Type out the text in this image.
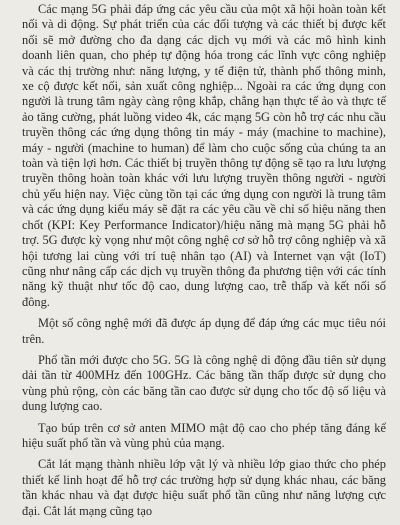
Các mạng 5G phải đáp ứng các yêu cầu của một xã hội hoàn toàn kết nối và di động. Sự phát triển của các đối tượng và các thiết bị được kết nối sẽ mở đường cho đa dạng các dịch vụ mới và các mô hình kinh doanh liên quan, cho phép tự động hóa trong các lĩnh vực công nghiệp và các thị trường như: năng lượng, y tế điện tử, thành phố thông minh, xe cộ được kết nối, sản xuất công nghiệp... Ngoài ra các ứng dụng con người là trung tâm ngày càng rộng khắp, chẳng hạn thực tế ảo và thực tế ảo tăng cường, phát luồng video 4k, các mạng 5G còn hỗ trợ các nhu cầu truyền thông các ứng dụng thông tin máy - máy (machine to machine), máy - người (machine to human) để làm cho cuộc sống của chúng ta an toàn và tiện lợi hơn. Các thiết bị truyền thông tự động sẽ tạo ra lưu lượng truyền thông hoàn toàn khác với lưu lượng truyền thông người - người chủ yếu hiện nay. Việc cùng tồn tại các ứng dụng con người là trung tâm và các ứng dụng kiểu máy sẽ đặt ra các yêu cầu về chỉ số hiệu năng then chốt (KPI: Key Performance Indicator)/hiệu năng mà mạng 5G phải hỗ trợ. 5G được kỳ vọng như một công nghệ cơ sở hỗ trợ công nghiệp và xã hội tương lai cùng với trí tuệ nhân tạo (AI) và Internet vạn vật (IoT) cũng như nâng cấp các dịch vụ truyền thông đa phương tiện với các tính năng kỹ thuật như tốc độ cao, dung lượng cao, trễ thấp và kết nối số đông.

Một số công nghệ mới đã được áp dụng để đáp ứng các mục tiêu nói trên.

Phổ tần mới được cho 5G. 5G là công nghệ di động đầu tiên sử dụng dải tần từ 400MHz đến 100GHz. Các băng tần thấp được sử dụng cho vùng phủ rộng, còn các băng tần cao được sử dụng cho tốc độ số liệu và dung lượng cao.

Tạo búp trên cơ sở anten MIMO mật độ cao cho phép tăng đáng kể hiệu suất phổ tần và vùng phủ của mạng.

Cắt lát mạng thành nhiều lớp vật lý và nhiều lớp giao thức cho phép thiết kế linh hoạt để hỗ trợ các trường hợp sử dụng khác nhau, các băng tần khác nhau và đạt được hiệu suất phổ tần cũng như năng lượng cực đại. Cắt lát mạng cũng tạo
